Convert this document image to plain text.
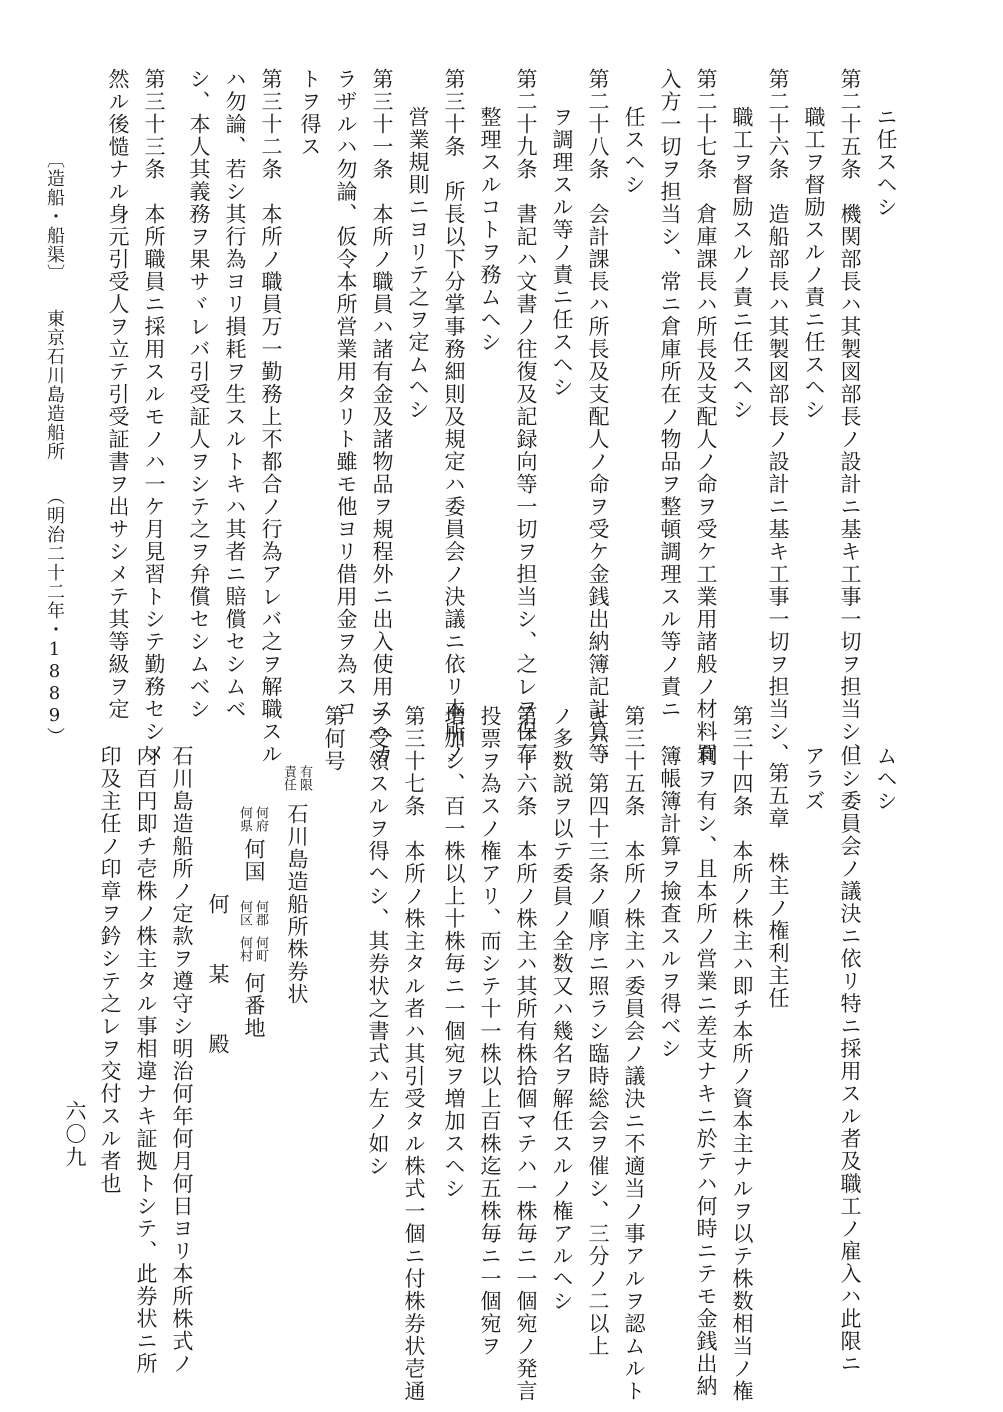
ニ任スヘシ
第二十五条　機関部長ハ其製図部長ノ設計ニ基キ工事一切ヲ担当シ、
職工ヲ督励スルノ責ニ任スヘシ
第二十六条　造船部長ハ其製図部長ノ設計ニ基キ工事一切ヲ担当シ、
職工ヲ督励スルノ責ニ任スヘシ
第二十七条　倉庫課長ハ所長及支配人ノ命ヲ受ケ工業用諸般ノ材料買
入方一切ヲ担当シ、常ニ倉庫所在ノ物品ヲ整頓調理スル等ノ責ニ
任スヘシ
第二十八条　会計課長ハ所長及支配人ノ命ヲ受ケ金銭出納簿記計算等
ヲ調理スル等ノ責ニ任スヘシ
第二十九条　書記ハ文書ノ往復及記録向等一切ヲ担当シ、之レヲ保存
整理スルコトヲ務ムヘシ
第三十条　所長以下分掌事務細則及規定ハ委員会ノ決議ニ依リ本所ノ
営業規則ニヨリテ之ヲ定ムヘシ
第三十一条　本所ノ職員ハ諸有金及諸物品ヲ規程外ニ出入使用スヘカ
ラザルハ勿論、仮令本所営業用タリト雖モ他ヨリ借用金ヲ為スコ
トヲ得ス
第三十二条　本所ノ職員万一勤務上不都合ノ行為アレバ之ヲ解職スル
ハ勿論、若シ其行為ヨリ損耗ヲ生スルトキハ其者ニ賠償セシムベ
シ、本人其義務ヲ果サヾレバ引受証人ヲシテ之ヲ弁償セシムベシ
第三十三条　本所職員ニ採用スルモノハ一ケ月見習トシテ勤務セシメ
然ル後慥ナル身元引受人ヲ立テ引受証書ヲ出サシメテ其等級ヲ定
〔造船・船渠〕東京石川島造船所（明治二十二年・1889）
ムヘシ
但シ委員会ノ議決ニ依リ特ニ採用スル者及職工ノ雇入ハ此限ニ
アラズ
第五章　株主ノ権利主任
第三十四条　本所ノ株主ハ即チ本所ノ資本主ナルヲ以テ株数相当ノ権
利ヲ有シ、且本所ノ営業ニ差支ナキニ於テハ何時ニテモ金銭出納
簿帳簿計算ヲ撿査スルヲ得ベシ
第三十五条　本所ノ株主ハ委員会ノ議決ニ不適当ノ事アルヲ認ムルト
キハ、第四十三条ノ順序ニ照ラシ臨時総会ヲ催シ、三分ノ二以上
ノ多数説ヲ以テ委員ノ全数又ハ幾名ヲ解任スルノ権アルヘシ
第三十六条　本所ノ株主ハ其所有株拾個マテハ一株毎ニ一個宛ノ発言
投票ヲ為スノ権アリ、而シテ十一株以上百株迄五株毎ニ一個宛ヲ
増加シ、百一株以上十株毎ニ一個宛ヲ増加スヘシ
第三十七条　本所ノ株主タル者ハ其引受タル株式一個ニ付株券状壱通
ヲ受領スルヲ得ヘシ、其券状之書式ハ左ノ如シ
第何号
有限
責任
石川島造船所株券状
何府
何県
何国
何郡
何区
何町
何村
何番地
何　某　殿
石川島造船所ノ定款ヲ遵守シ明治何年何月何日ヨリ本所株式ノ
内百円即チ壱株ノ株主タル事相違ナキ証拠トシテ、此券状ニ所
印及主任ノ印章ヲ鈐シテ之レヲ交付スル者也
六〇九
